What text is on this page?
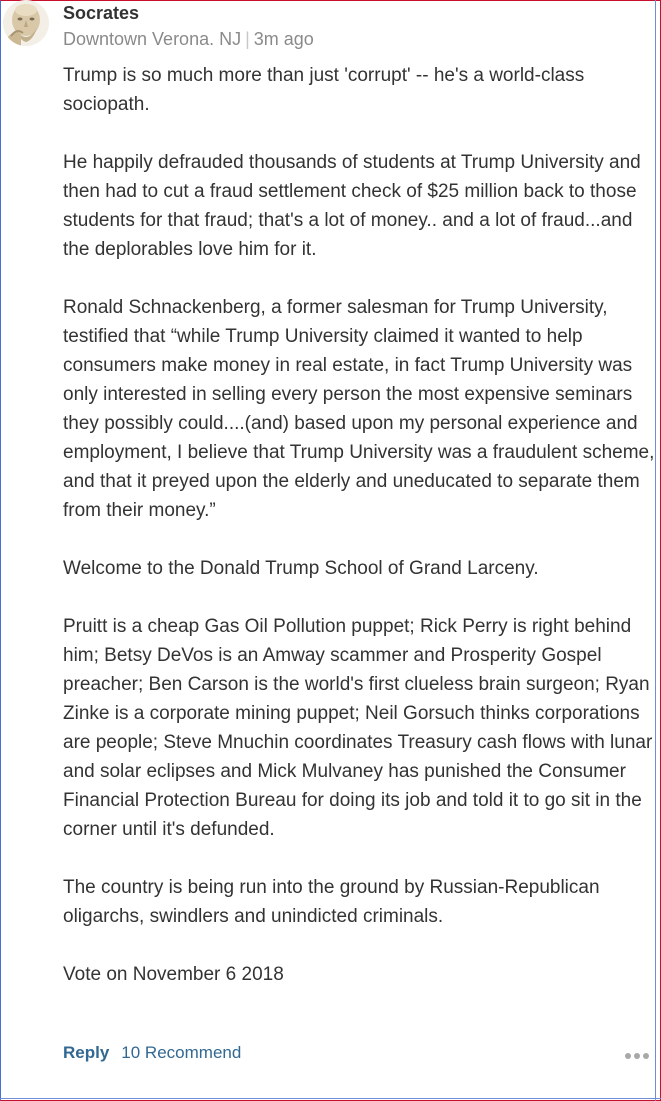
Socrates
Downtown Verona. NJ | 3m ago

Trump is so much more than just 'corrupt' -- he's a world-class sociopath.

He happily defrauded thousands of students at Trump University and then had to cut a fraud settlement check of $25 million back to those students for that fraud; that's a lot of money.. and a lot of fraud...and the deplorables love him for it.

Ronald Schnackenberg, a former salesman for Trump University, testified that “while Trump University claimed it wanted to help consumers make money in real estate, in fact Trump University was only interested in selling every person the most expensive seminars they possibly could....(and) based upon my personal experience and employment, I believe that Trump University was a fraudulent scheme, and that it preyed upon the elderly and uneducated to separate them from their money.”

Welcome to the Donald Trump School of Grand Larceny.

Pruitt is a cheap Gas Oil Pollution puppet; Rick Perry is right behind him; Betsy DeVos is an Amway scammer and Prosperity Gospel preacher; Ben Carson is the world's first clueless brain surgeon; Ryan Zinke is a corporate mining puppet; Neil Gorsuch thinks corporations are people; Steve Mnuchin coordinates Treasury cash flows with lunar and solar eclipses and Mick Mulvaney has punished the Consumer Financial Protection Bureau for doing its job and told it to go sit in the corner until it's defunded.

The country is being run into the ground by Russian-Republican oligarchs, swindlers and unindicted criminals.

Vote on November 6 2018

Reply 10 Recommend
